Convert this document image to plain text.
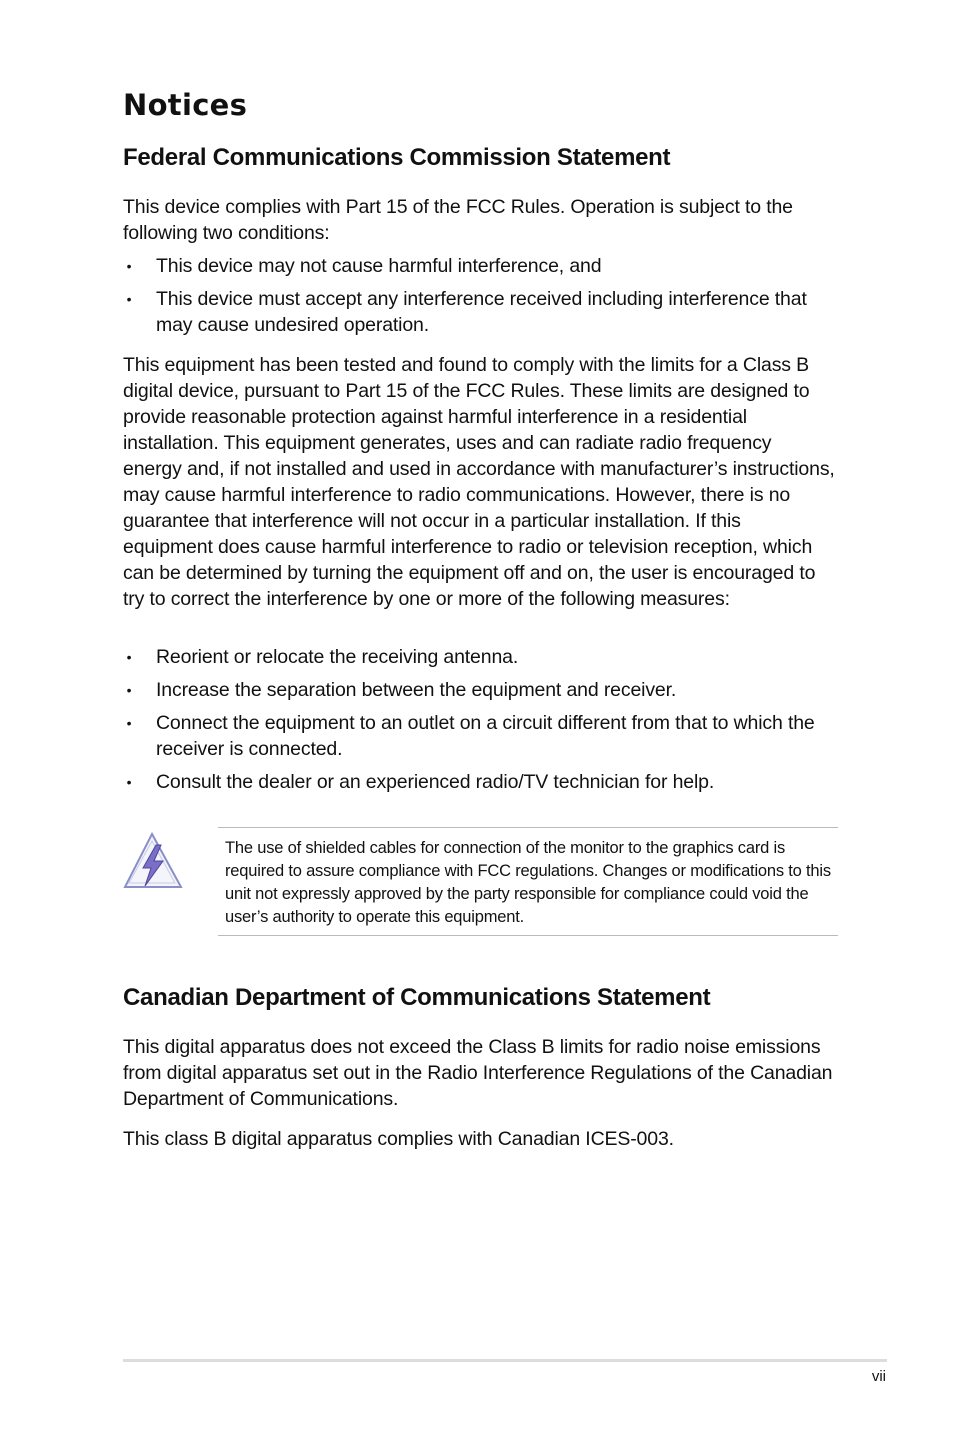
Notices
Federal Communications Commission Statement

This device complies with Part 15 of the FCC Rules. Operation is subject to the following two conditions:

• This device may not cause harmful interference, and
• This device must accept any interference received including interference that may cause undesired operation.

This equipment has been tested and found to comply with the limits for a Class B digital device, pursuant to Part 15 of the FCC Rules. These limits are designed to provide reasonable protection against harmful interference in a residential installation. This equipment generates, uses and can radiate radio frequency energy and, if not installed and used in accordance with manufacturer’s instructions, may cause harmful interference to radio communications. However, there is no guarantee that interference will not occur in a particular installation. If this equipment does cause harmful interference to radio or television reception, which can be determined by turning the equipment off and on, the user is encouraged to try to correct the interference by one or more of the following measures:

• Reorient or relocate the receiving antenna.
• Increase the separation between the equipment and receiver.
• Connect the equipment to an outlet on a circuit different from that to which the receiver is connected.
• Consult the dealer or an experienced radio/TV technician for help.

The use of shielded cables for connection of the monitor to the graphics card is required to assure compliance with FCC regulations. Changes or modifications to this unit not expressly approved by the party responsible for compliance could void the user’s authority to operate this equipment.

Canadian Department of Communications Statement

This digital apparatus does not exceed the Class B limits for radio noise emissions from digital apparatus set out in the Radio Interference Regulations of the Canadian Department of Communications.

This class B digital apparatus complies with Canadian ICES-003.

vii
